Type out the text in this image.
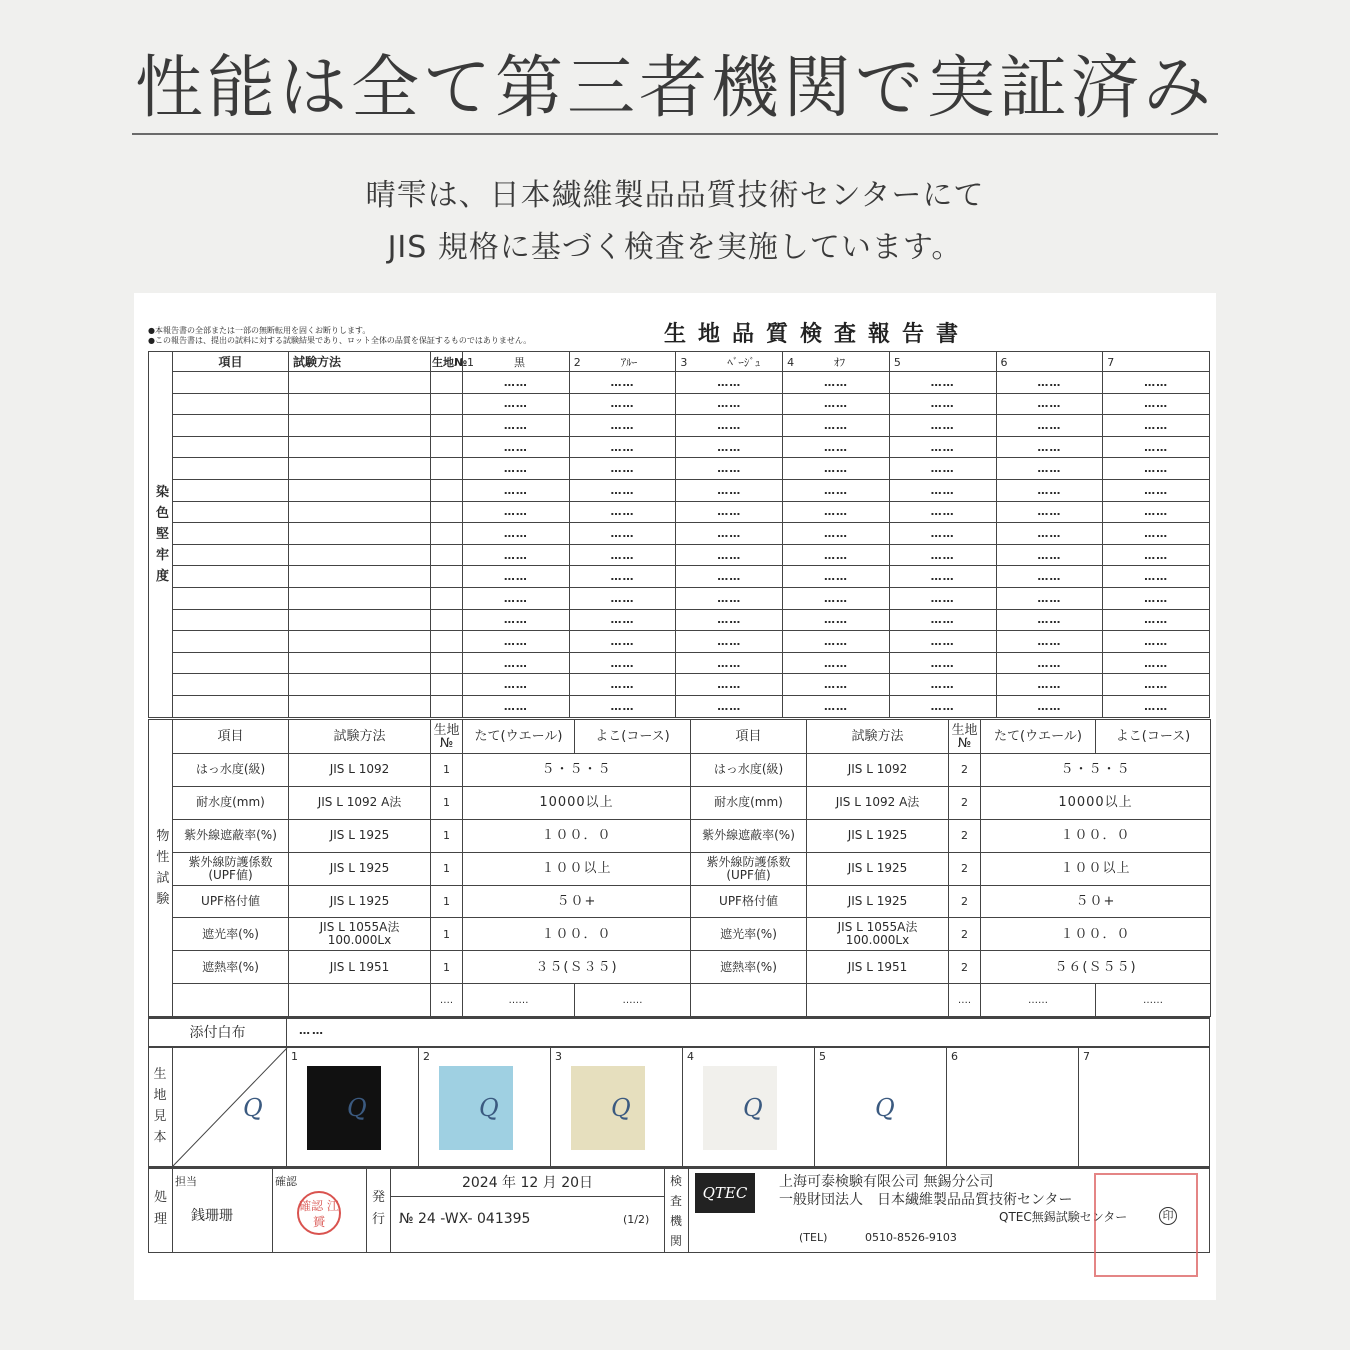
性能は全て第三者機関で実証済み
晴雫は、日本繊維製品品質技術センターにて
JIS 規格に基づく検査を実施しています。
●本報告書の全部または一部の無断転用を固くお断りします。
●この報告書は、提出の試料に対する試験結果であり、ロット全体の品質を保証するものではありません。	生地品質検査報告書
染色堅牢度	項目	試験方法	生地№	1 黒	2 ｱﾙｰ	3 ﾍﾞｰｼﾞｭ	4 ｵﾌ	5	6	7
				……	……	……	……	……	……	……
				……	……	……	……	……	……	……
				……	……	……	……	……	……	……
				……	……	……	……	……	……	……
				……	……	……	……	……	……	……
				……	……	……	……	……	……	……
				……	……	……	……	……	……	……
				……	……	……	……	……	……	……
				……	……	……	……	……	……	……
				……	……	……	……	……	……	……
				……	……	……	……	……	……	……
				……	……	……	……	……	……	……
				……	……	……	……	……	……	……
				……	……	……	……	……	……	……
				……	……	……	……	……	……	……
				……	……	……	……	……	……	……
物性試験	項目	試験方法	生地№	たて(ウエール)	よこ(コース)	項目	試験方法	生地№	たて(ウエール)	よこ(コース)
	はっ水度(級)	JIS L 1092	1	５・５・５		はっ水度(級)	JIS L 1092	2	５・５・５	
	耐水度(mm)	JIS L 1092 A法	1	10000以上		耐水度(mm)	JIS L 1092 A法	2	10000以上	
	紫外線遮蔽率(%)	JIS L 1925	1	１００．０		紫外線遮蔽率(%)	JIS L 1925	2	１００．０	
	紫外線防護係数(UPF値)	JIS L 1925	1	１００以上		紫外線防護係数(UPF値)	JIS L 1925	2	１００以上	
	UPF格付値	JIS L 1925	1	５０+		UPF格付値	JIS L 1925	2	５０+	
	遮光率(%)	JIS L 1055A法 100.000Lx	1	１００．０		遮光率(%)	JIS L 1055A法 100.000Lx	2	１００．０	
	遮熱率(%)	JIS L 1951	1	３５(Ｓ３５)		遮熱率(%)	JIS L 1951	2	５６(Ｓ５５)	
			….	……	……			….	……	……
添付白布	……
生地見本
Q
1
Q
2
Q
3
Q
4
Q
5
Q
6	7
処理
担当
銭珊珊
確認
確認 江贇
発行
2024 年 12 月 20日
№ 24 -WX- 041395	(1/2)
検査機関
QTEC
上海可泰検験有限公司 無錫分公司
一般財団法人　日本繊維製品品質技術センター
QTEC無錫試験センター	印
(TEL)	0510-8526-9103
